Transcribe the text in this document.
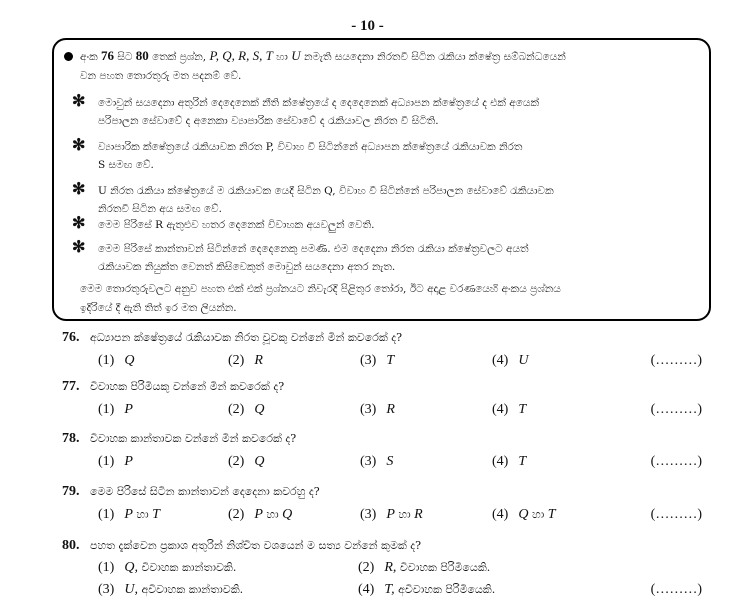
- 10 -
අංක 76 සිට 80 තෙක් ප්‍රශ්න, P, Q, R, S, T හා U නමැති සයදෙනා නිරතවී සිටින රැකියා ක්ෂේත්‍ර සම්බන්ධයෙන්
වන පහත තොරතුරු මත පදනම් වේ.
✻ මොවුන් සයදෙනා අතුරින් දෙදෙනෙක් නීති ක්ෂේත්‍රයේ ද දෙදෙනෙක් අධ්‍යාපන ක්ෂේත්‍රයේ ද එක් අයෙක්
පරිපාලන සේවාවේ ද අනෙකා ව්‍යාපාරික සේවාවේ ද රැකියාවල නිරත වී සිටිති.
✻ ව්‍යාපාරික ක්ෂේත්‍රයේ රැකියාවක නිරත P, විවාහ වී සිටින්නේ අධ්‍යාපන ක්ෂේත්‍රයේ රැකියාවක නිරත
S සමඟ වේ.
✻ U නිරත රැකියා ක්ෂේත්‍රයේ ම රැකියාවක යෙදී සිටින Q, විවාහ වී සිටින්නේ පරිපාලන සේවාවේ රැකියාවක
නිරතවී සිටින අය සමඟ වේ.
✻ මෙම පිරිසේ R ඇතුළුව හතර දෙනෙක් විවාහක අයවලුන් වෙති.
✻ මෙම පිරිසේ කාන්තාවන් සිටින්නේ දෙදෙනෙකු පමණි. එම දෙදෙනා නිරත රැකියා ක්ෂේත්‍රවලට අයත්
රැකියාවක නියුක්ත වෙනත් කිසිවෙකුත් මොවුන් සයදෙනා අතර නැත.
මෙම තොරතුරුවලට අනුව පහත එක් එක් ප්‍රශ්නයට නිවැරදි පිළිතුර තෝරා, ඊට අදාළ වරණයෙහි අංකය ප්‍රශ්නය
ඉදිරියේ දී ඇති තිත් ඉර මත ලියන්න.
76. අධ්‍යාපන ක්ෂේත්‍රයේ රැකියාවක නිරත වූවකු වන්නේ මින් කවරෙක් ද?
(1) Q	(2) R	(3) T	(4) U	(………)
77. විවාහක පිරිමියකු වන්නේ මින් කවරෙක් ද?
(1) P	(2) Q	(3) R	(4) T	(………)
78. විවාහක කාන්තාවක වන්නේ මින් කවරෙක් ද?
(1) P	(2) Q	(3) S	(4) T	(………)
79. මෙම පිරිසේ සිටින කාන්තාවන් දෙදෙනා කවරහු ද?
(1) P හා T	(2) P හා Q	(3) P හා R	(4) Q හා T	(………)
80. පහත දැක්වෙන ප්‍රකාශ අතුරින් නිශ්චිත වශයෙන් ම සත්‍ය වන්නේ කුමක් ද?
(1) Q, විවාහක කාන්තාවකි.	(2) R, විවාහක පිරිමියෙකි.
(3) U, අවිවාහක කාන්තාවකි.	(4) T, අවිවාහක පිරිමියෙකි.	(………)
